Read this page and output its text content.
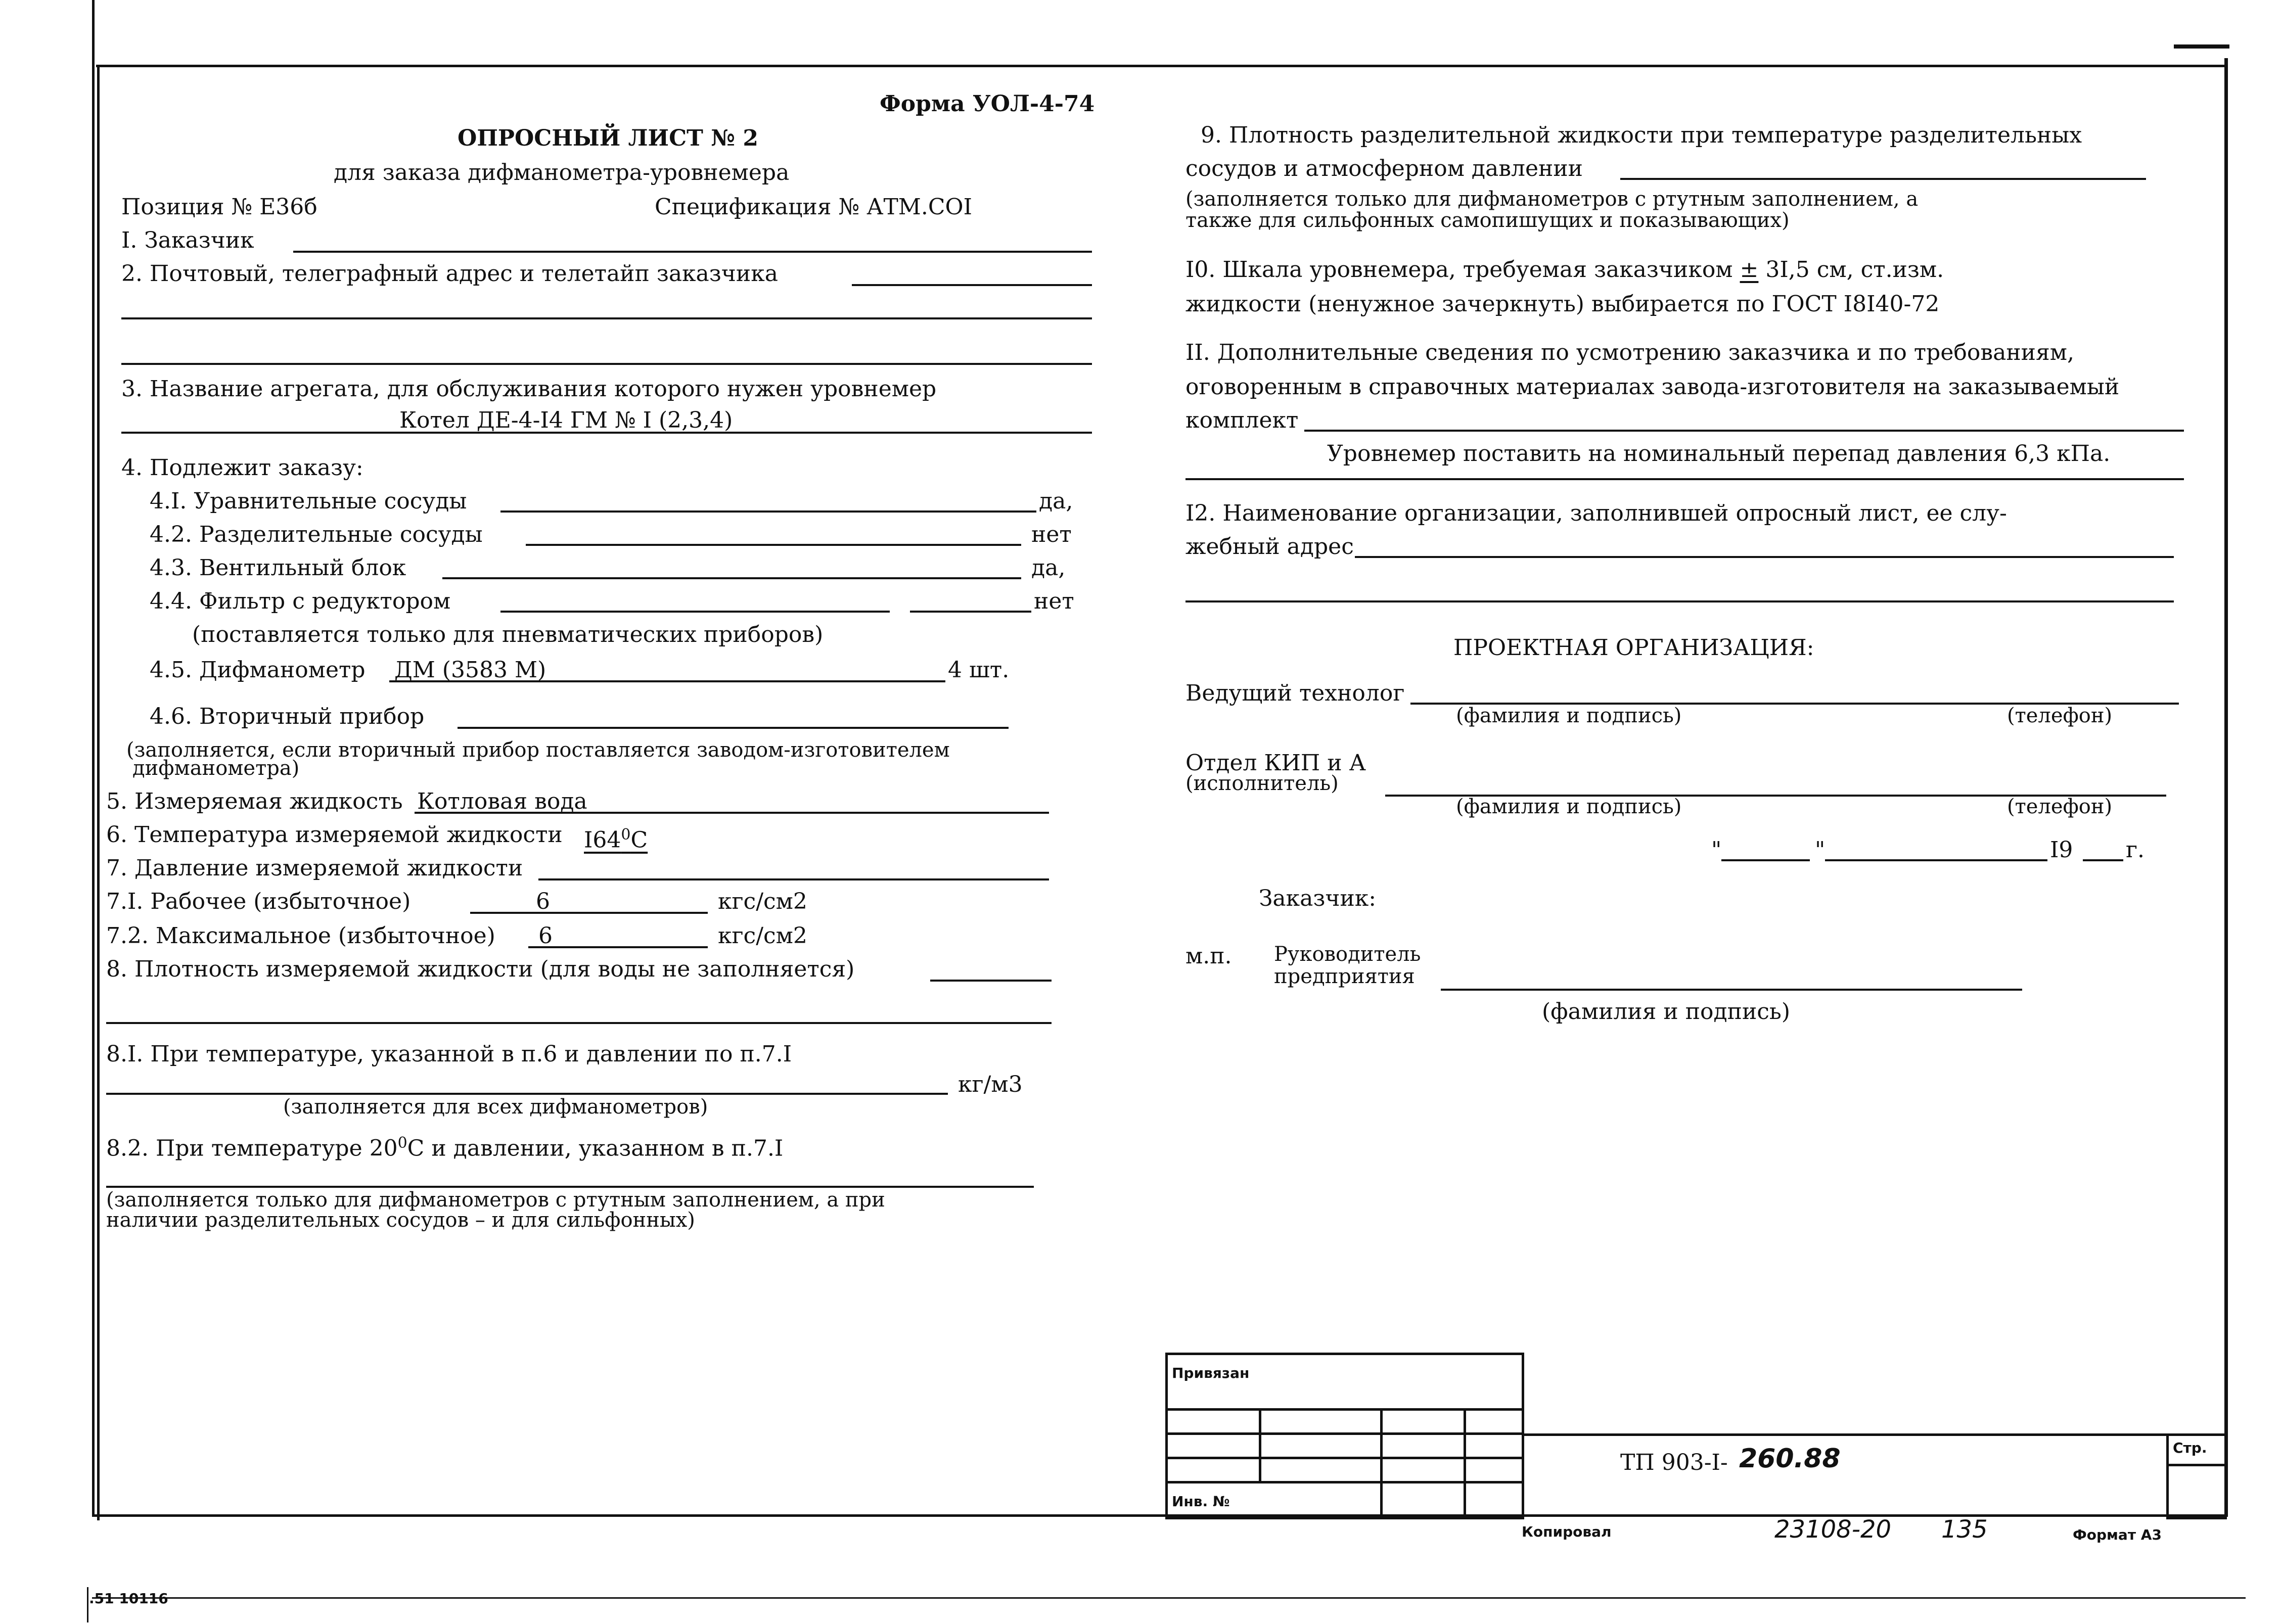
Форма УОЛ-4-74
ОПРОСНЫЙ ЛИСТ № 2
для заказа дифманометра-уровнемера
Позиция № Е36б	Спецификация № АТМ.СОI
I. Заказчик
2. Почтовый, телеграфный адрес и телетайп заказчика
3. Название агрегата, для обслуживания которого нужен уровнемер
Котел ДЕ-4-I4 ГМ № I (2,3,4)
4. Подлежит заказу:
4.I. Уравнительные сосуды	да,
4.2. Разделительные сосуды	нет
4.3. Вентильный блок	да,
4.4. Фильтр с редуктором	нет
(поставляется только для пневматических приборов)
4.5. Дифманометр ДМ (3583 М)	4 шт.
4.6. Вторичный прибор
(заполняется, если вторичный прибор поставляется заводом-изготовителем
дифманометра)
5. Измеряемая жидкость Котловая вода
6. Температура измеряемой жидкости $I64^0С$
7. Давление измеряемой жидкости
7.I. Рабочее (избыточное)	6	кгс/см2
7.2. Максимальное (избыточное) 6	кгс/см2
8. Плотность измеряемой жидкости (для воды не заполняется)
8.I. При температуре, указанной в п.6 и давлении по п.7.I
кг/м3
(заполняется для всех дифманометров)
8.2. При температуре $20^0С$ и давлении, указанном в п.7.I
(заполняется только для дифманометров с ртутным заполнением, а при
наличии разделительных сосудов – и для сильфонных)
9. Плотность разделительной жидкости при температуре разделительных
сосудов и атмосферном давлении
(заполняется только для дифманометров с ртутным заполнением, а
также для сильфонных самопишущих и показывающих)
I0. Шкала уровнемера, требуемая заказчиком ± 3I,5 см, ст.изм.
жидкости (ненужное зачеркнуть) выбирается по ГОСТ I8I40-72
II. Дополнительные сведения по усмотрению заказчика и по требованиям,
оговоренным в справочных материалах завода-изготовителя на заказываемый
комплект
Уровнемер поставить на номинальный перепад давления 6,3 кПа.
I2. Наименование организации, заполнившей опросный лист, ее слу-
жебный адрес
ПРОЕКТНАЯ ОРГАНИЗАЦИЯ:
Ведущий технолог
(фамилия и подпись)	(телефон)
Отдел КИП и А
(исполнитель)
(фамилия и подпись)	(телефон)
"	"	I9 г.
Заказчик:
м.п. Руководитель
предприятия
(фамилия и подпись)
Привязан
Инв. №
Стр.
ТП 903-I- 260.88
Копировал	23108-20 135	Формат А3
.51 10116
